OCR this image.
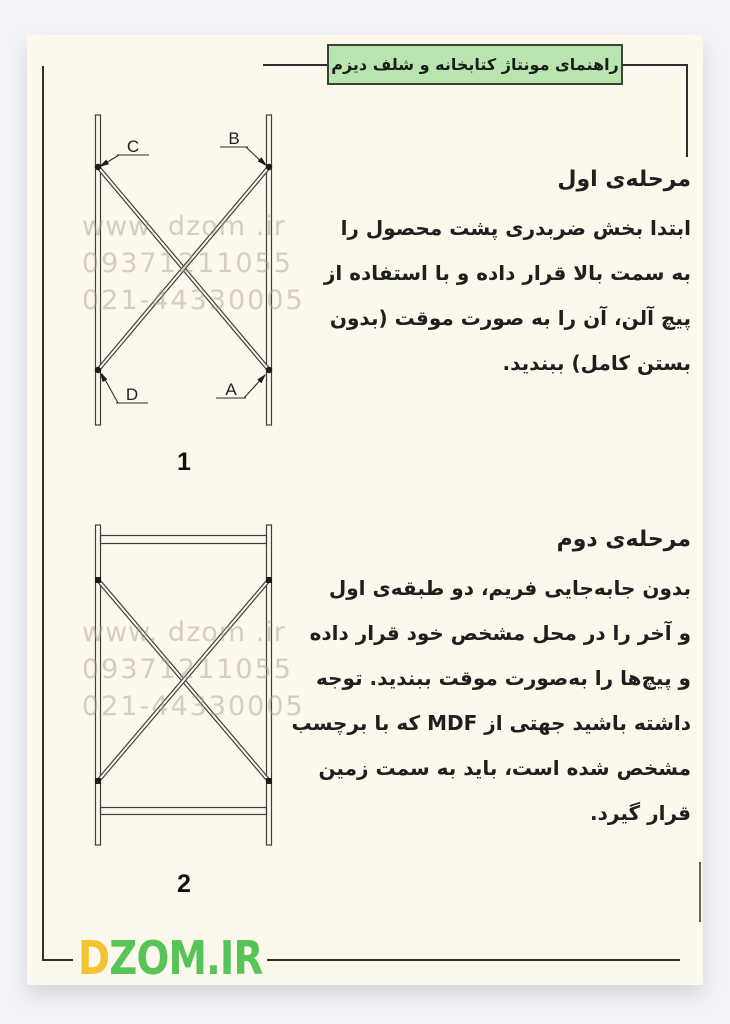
راهنمای مونتاژ کتابخانه و شلف دیزم
www. dzom .ir
09371211055
021-44330005
www. dzom .ir
09371211055
021-44330005
C	B
D	A
1
2
مرحله‌ی اول
ابتدا بخش ضربدری پشت محصول را
به سمت بالا قرار داده و با استفاده از
پیچ آلن، آن را به صورت موقت (بدون
بستن کامل) ببندید.
مرحله‌ی دوم
بدون جابه‌جایی فریم، دو طبقه‌ی اول
و آخر را در محل مشخص خود قرار داده
و پیچ‌ها را به‌صورت موقت ببندید. توجه
داشته باشید جهتی از MDF که با برچسب
مشخص شده است، باید به سمت زمین
قرار گیرد.
DZOM.IR
